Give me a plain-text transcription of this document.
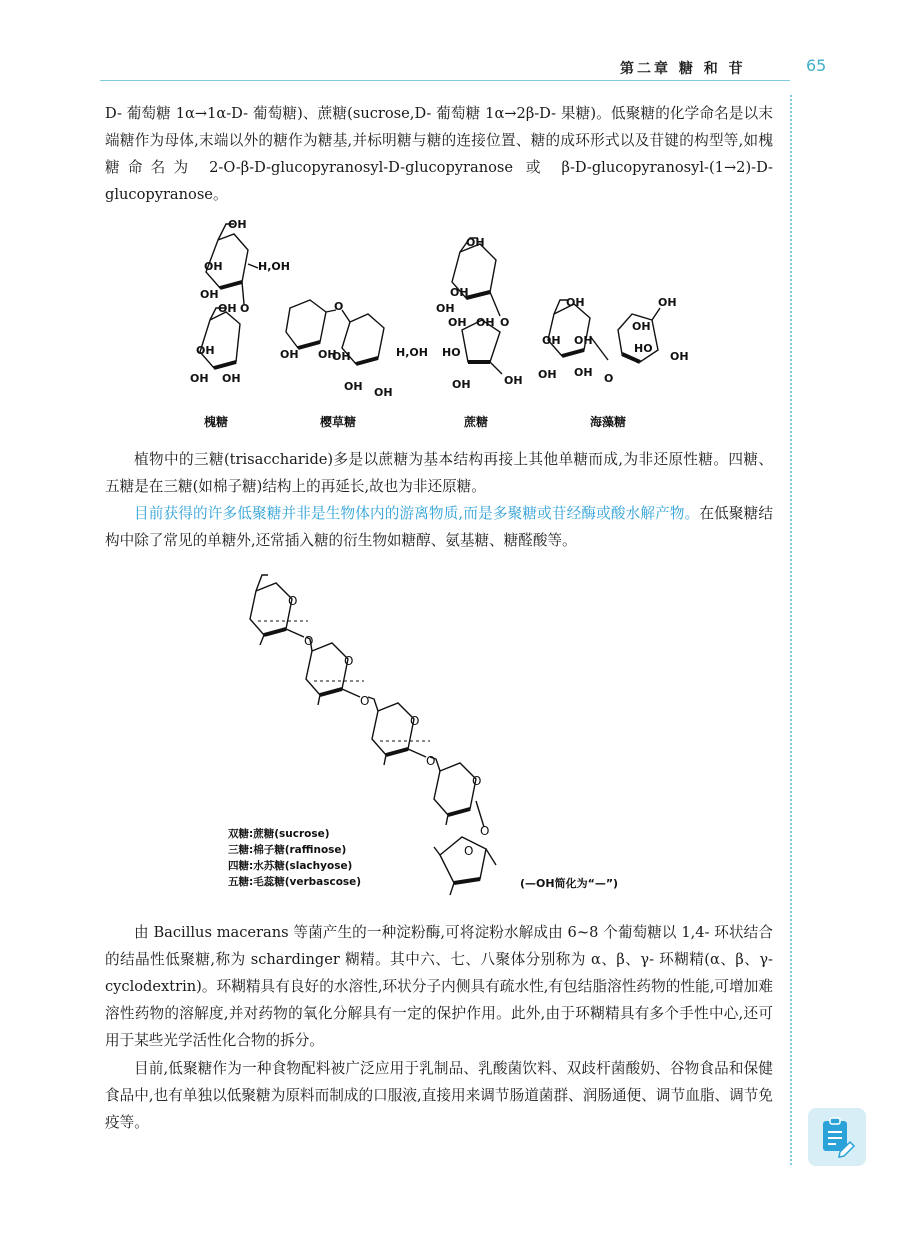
第二章 糖 和 苷	65

D- 葡萄糖 1α→1α-D- 葡萄糖)、蔗糖(sucrose,D- 葡萄糖 1α→2β-D- 果糖)。低聚糖的化学命名是以末端糖作为母体,末端以外的糖作为糖基,并标明糖与糖的连接位置、糖的成环形式以及苷键的构型等,如槐糖命名为 2-O-β-D-glucopyranosyl-D-glucopyranose 或 β-D-glucopyranosyl-(1→2)-D-glucopyranose。

OH
OH	H,OH
OH
O
OH
OH
OH OH
OH OH
O
OH	H,OH
OH OH
OH
OH
OH
OH OH O
HO
OH	OH
OH
OH OH
OH OH O
OH
OH
HO
OH
槐糖	樱草糖	蔗糖	海藻糖

植物中的三糖(trisaccharide)多是以蔗糖为基本结构再接上其他单糖而成,为非还原性糖。四糖、五糖是在三糖(如棉子糖)结构上的再延长,故也为非还原糖。

目前获得的许多低聚糖并非是生物体内的游离物质,而是多聚糖或苷经酶或酸水解产物。在低聚糖结构中除了常见的单糖外,还常插入糖的衍生物如糖醇、氨基糖、糖醛酸等。

O
O
O
O
O
O
O
O
O
双糖:蔗糖(sucrose)
三糖:棉子糖(raffinose)
四糖:水苏糖(slachyose)
五糖:毛蕊糖(verbascose)	(—OH简化为“—”)

由 Bacillus macerans 等菌产生的一种淀粉酶,可将淀粉水解成由 6~8 个葡萄糖以 1,4- 环状结合的结晶性低聚糖,称为 schardinger 糊精。其中六、七、八聚体分别称为 α、β、γ- 环糊精(α、β、γ-cyclodextrin)。环糊精具有良好的水溶性,环状分子内侧具有疏水性,有包结脂溶性药物的性能,可增加难溶性药物的溶解度,并对药物的氧化分解具有一定的保护作用。此外,由于环糊精具有多个手性中心,还可用于某些光学活性化合物的拆分。

目前,低聚糖作为一种食物配料被广泛应用于乳制品、乳酸菌饮料、双歧杆菌酸奶、谷物食品和保健食品中,也有单独以低聚糖为原料而制成的口服液,直接用来调节肠道菌群、润肠通便、调节血脂、调节免疫等。
